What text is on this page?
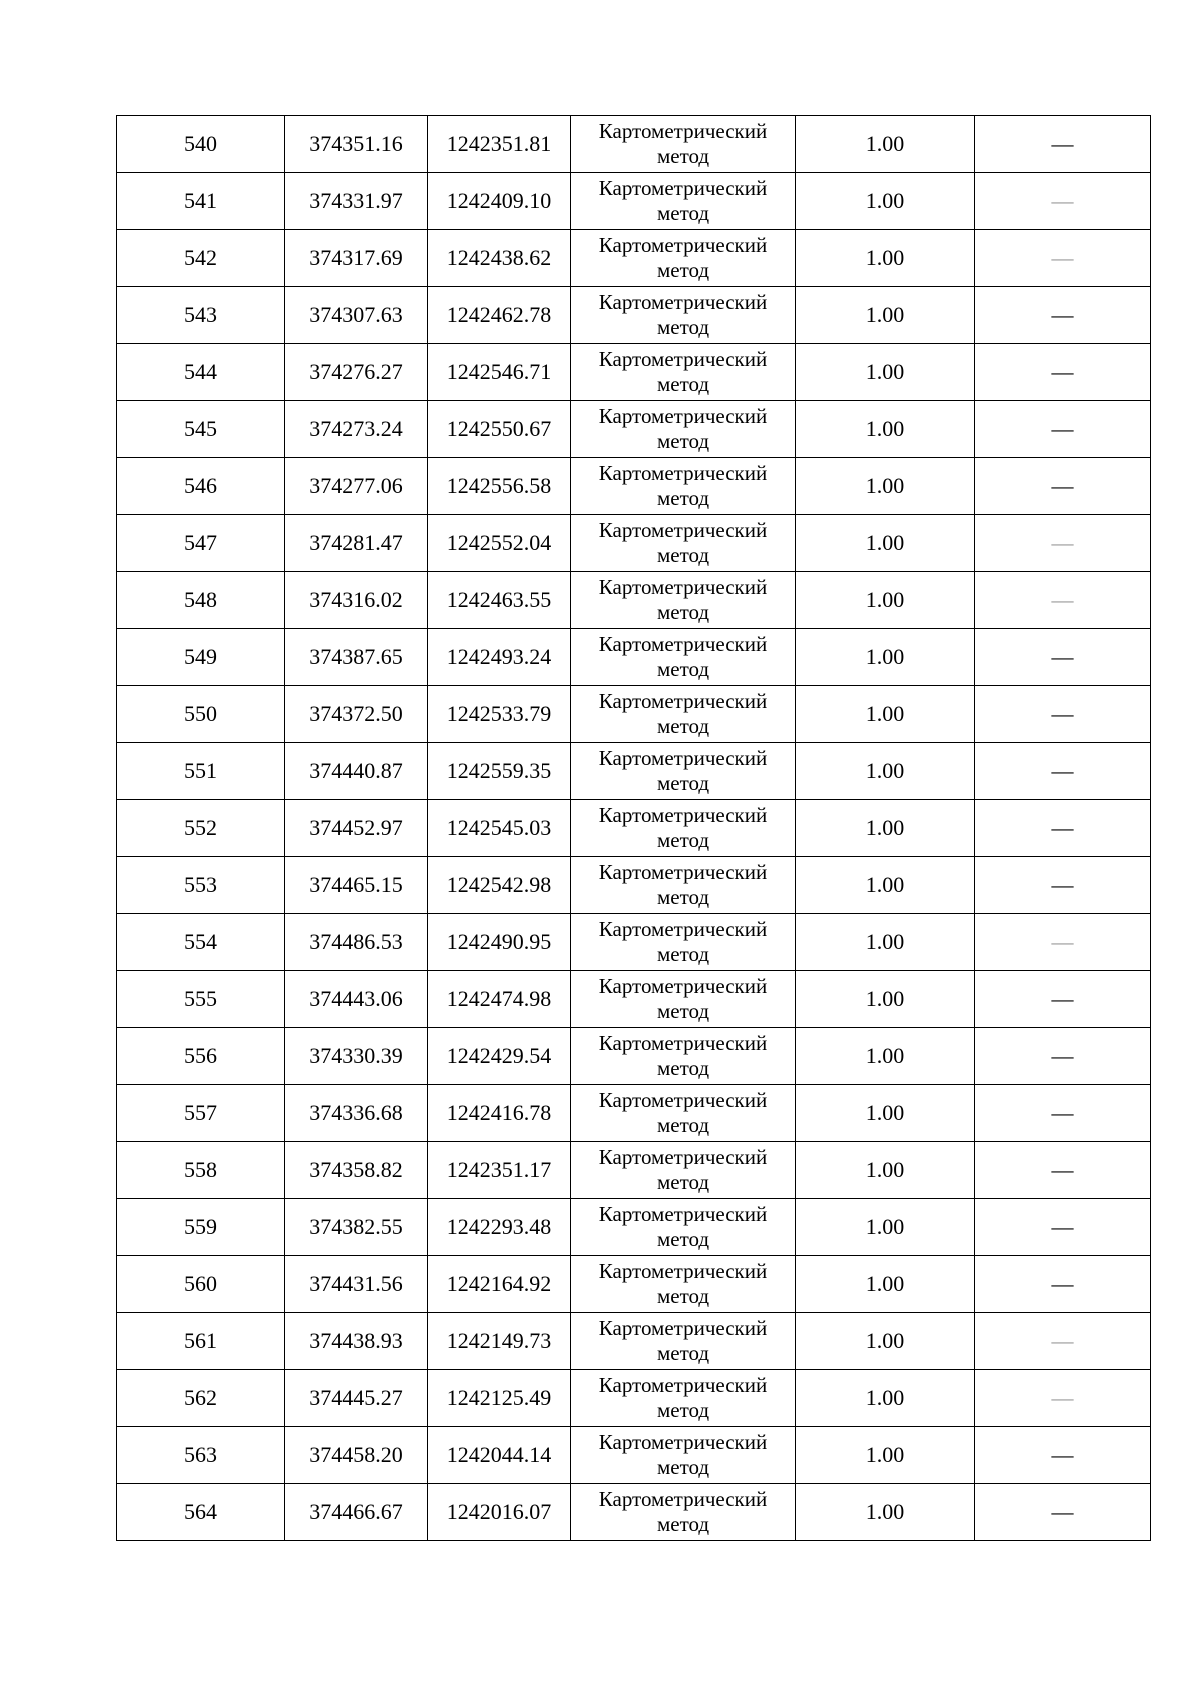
540	374351.16	1242351.81	Картометрический метод	1.00	—
541	374331.97	1242409.10	Картометрический метод	1.00	—
542	374317.69	1242438.62	Картометрический метод	1.00	—
543	374307.63	1242462.78	Картометрический метод	1.00	—
544	374276.27	1242546.71	Картометрический метод	1.00	—
545	374273.24	1242550.67	Картометрический метод	1.00	—
546	374277.06	1242556.58	Картометрический метод	1.00	—
547	374281.47	1242552.04	Картометрический метод	1.00	—
548	374316.02	1242463.55	Картометрический метод	1.00	—
549	374387.65	1242493.24	Картометрический метод	1.00	—
550	374372.50	1242533.79	Картометрический метод	1.00	—
551	374440.87	1242559.35	Картометрический метод	1.00	—
552	374452.97	1242545.03	Картометрический метод	1.00	—
553	374465.15	1242542.98	Картометрический метод	1.00	—
554	374486.53	1242490.95	Картометрический метод	1.00	—
555	374443.06	1242474.98	Картометрический метод	1.00	—
556	374330.39	1242429.54	Картометрический метод	1.00	—
557	374336.68	1242416.78	Картометрический метод	1.00	—
558	374358.82	1242351.17	Картометрический метод	1.00	—
559	374382.55	1242293.48	Картометрический метод	1.00	—
560	374431.56	1242164.92	Картометрический метод	1.00	—
561	374438.93	1242149.73	Картометрический метод	1.00	—
562	374445.27	1242125.49	Картометрический метод	1.00	—
563	374458.20	1242044.14	Картометрический метод	1.00	—
564	374466.67	1242016.07	Картометрический метод	1.00	—
